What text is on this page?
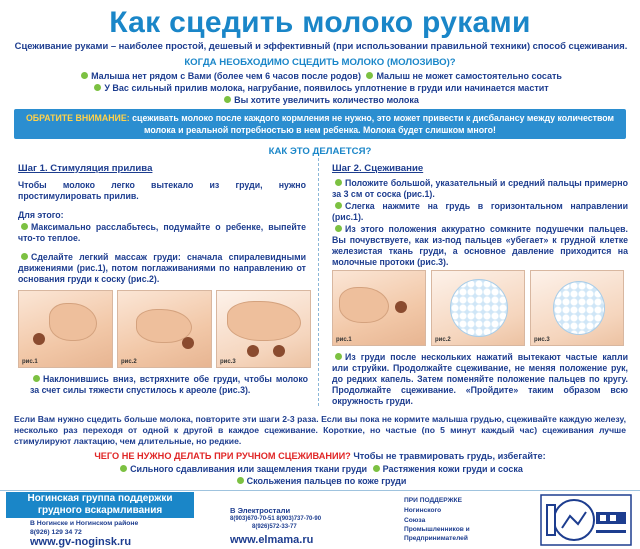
Как сцедить молоко руками
Сцеживание руками – наиболее простой, дешевый и эффективный (при использовании правильной техники) способ сцеживания.
КОГДА НЕОБХОДИМО СЦЕДИТЬ МОЛОКО (МОЛОЗИВО)?
Малыша нет рядом с Вами (более чем 6 часов после родов) Малыш не может самостоятельно сосать
У Вас сильный прилив молока, нагрубание, появилось уплотнение в груди или начинается мастит
Вы хотите увеличить количество молока
ОБРАТИТЕ ВНИМАНИЕ: сцеживать молоко после каждого кормления не нужно, это может привести к дисбалансу между количеством молока и реальной потребностью в нем ребенка. Молока будет слишком много!
КАК ЭТО ДЕЛАЕТСЯ?
Шаг 1. Стимуляция прилива
Чтобы молоко легко вытекало из груди, нужно простимулировать прилив.
Для этого:
Максимально расслабьтесь, подумайте о ребенке, выпейте что-то теплое.
Сделайте легкий массаж груди: сначала спиралевидными движениями (рис.1), потом поглаживаниями по направлению от основания груди к соску (рис.2).
рис.1	рис.2	рис.3
Наклонившись вниз, встряхните обе груди, чтобы молоко за счет силы тяжести спустилось к ареоле (рис.3).
Шаг 2. Сцеживание
Положите большой, указательный и средний пальцы примерно за 3 см от соска (рис.1).
Слегка нажмите на грудь в горизонтальном направлении (рис.1).
Из этого положения аккуратно сомкните подушечки пальцев. Вы почувствуете, как из-под пальцев «убегает» к грудной клетке железистая ткань груди, а основное давление приходится на молочные протоки (рис.3).
рис.1	рис.2	рис.3
Из груди после нескольких нажатий вытекают частые капли или струйки. Продолжайте сцеживание, не меняя положение рук, до редких капель. Затем поменяйте положение пальцев по кругу. Продолжайте сцеживание. «Пройдите» таким образом всю окружность груди.
Если Вам нужно сцедить больше молока, повторите эти шаги 2-3 раза. Если вы пока не кормите малыша грудью, сцеживайте каждую железу, несколько раз переходя от одной к другой в каждое сцеживание. Короткие, но частые (по 5 минут каждый час) сцеживания лучше стимулируют лактацию, чем длительные, но редкие.
ЧЕГО НЕ НУЖНО ДЕЛАТЬ ПРИ РУЧНОМ СЦЕЖИВАНИИ? Чтобы не травмировать грудь, избегайте:
Сильного сдавливания или защемления ткани груди Растяжения кожи груди и соска
Скольжения пальцев по коже груди
Ногинская группа поддержки
грудного вскармливания
В Ногинске и Ногинском районе
8(926) 129 34 72
www.gv-noginsk.ru
В Электростали
8(903)670-70-51 8(903)737-70-90
8(926)572-33-77
www.elmama.ru
ПРИ ПОДДЕРЖКЕ
Ногинского
Союза
Промышленников и
Предпринимателей
